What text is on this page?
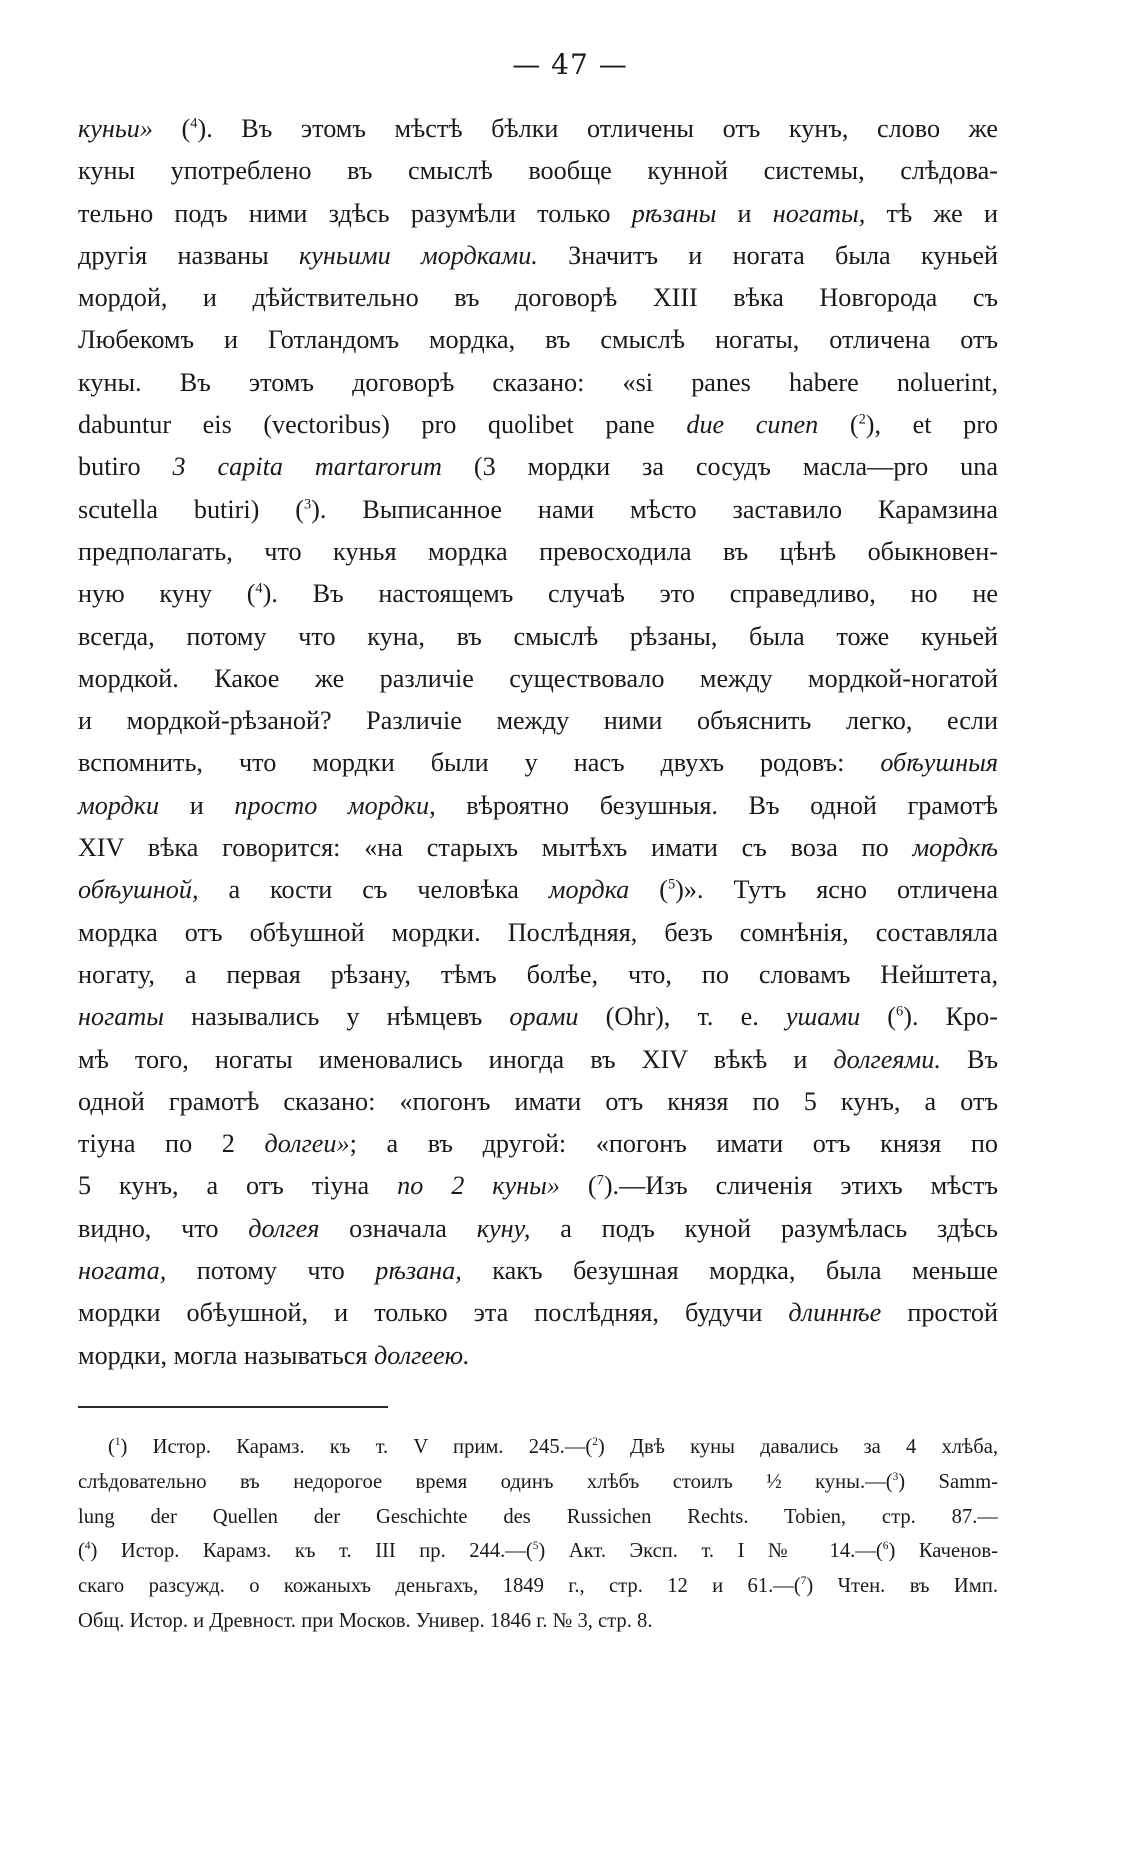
— 47 —
куньи» ($^4$). Въ этомъ мѣстѣ бѣлки отличены отъ кунъ, слово же
куны употреблено въ смыслѣ вообще кунной системы, слѣдова-
тельно подъ ними здѣсь разумѣли только рѣзаны и ногаты, тѣ же и
другія названы куньими мордками. Значитъ и ногата была куньей
мордой, и дѣйствительно въ договорѣ XIII вѣка Новгорода съ
Любекомъ и Готландомъ мордка, въ смыслѣ ногаты, отличена отъ
куны. Въ этомъ договорѣ сказано: «si panes habere noluerint,
dabuntur eis (vectoribus) pro quolibet pane due cunen ($^2$), et pro
butiro 3 capita martarorum (3 мордки за сосудъ масла—pro una
scutella butiri) ($^3$). Выписанное нами мѣсто заставило Карамзина
предполагать, что кунья мордка превосходила въ цѣнѣ обыкновен-
ную куну ($^4$). Въ настоящемъ случаѣ это справедливо, но не
всегда, потому что куна, въ смыслѣ рѣзаны, была тоже куньей
мордкой. Какое же различіе существовало между мордкой-ногатой
и мордкой-рѣзаной? Различіе между ними объяснить легко, если
вспомнить, что мордки были у насъ двухъ родовъ: обѣушныя
мордки и просто мордки, вѣроятно безушныя. Въ одной грамотѣ
XIV вѣка говорится: «на старыхъ мытѣхъ имати съ воза по мордкѣ
обѣушной, а кости съ человѣка мордка ($^5$)». Тутъ ясно отличена
мордка отъ обѣушной мордки. Послѣдняя, безъ сомнѣнія, составляла
ногату, а первая рѣзану, тѣмъ болѣе, что, по словамъ Нейштета,
ногаты назывались у нѣмцевъ орами (Ohr), т. е. ушами ($^6$). Кро-
мѣ того, ногаты именовались иногда въ XIV вѣкѣ и долгеями. Въ
одной грамотѣ сказано: «погонъ имати отъ князя по 5 кунъ, а отъ
тіуна по 2 долгеи»; а въ другой: «погонъ имати отъ князя по
5 кунъ, а отъ тіуна по 2 куны» ($^7$).—Изъ сличенія этихъ мѣстъ
видно, что долгея означала куну, а подъ куной разумѣлась здѣсь
ногата, потому что рѣзана, какъ безушная мордка, была меньше
мордки обѣушной, и только эта послѣдняя, будучи длиннѣе простой
мордки, могла называться долгеею.
($^1$) Истор. Карамз. къ т. V прим. 245.—($^2$) Двѣ куны давались за 4 хлѣба,
слѣдовательно въ недорогое время одинъ хлѣбъ стоилъ ½ куны.—($^3$) Samm-
lung der Quellen der Geschichte des Russichen Rechts. Tobien, стр. 87.—
($^4$) Истор. Карамз. къ т. III пр. 244.—($^5$) Акт. Эксп. т. I № 14.—($^6$) Каченов-
скаго разсужд. о кожаныхъ деньгахъ, 1849 г., стр. 12 и 61.—($^7$) Чтен. въ Имп.
Общ. Истор. и Древност. при Москов. Универ. 1846 г. № 3, стр. 8.
